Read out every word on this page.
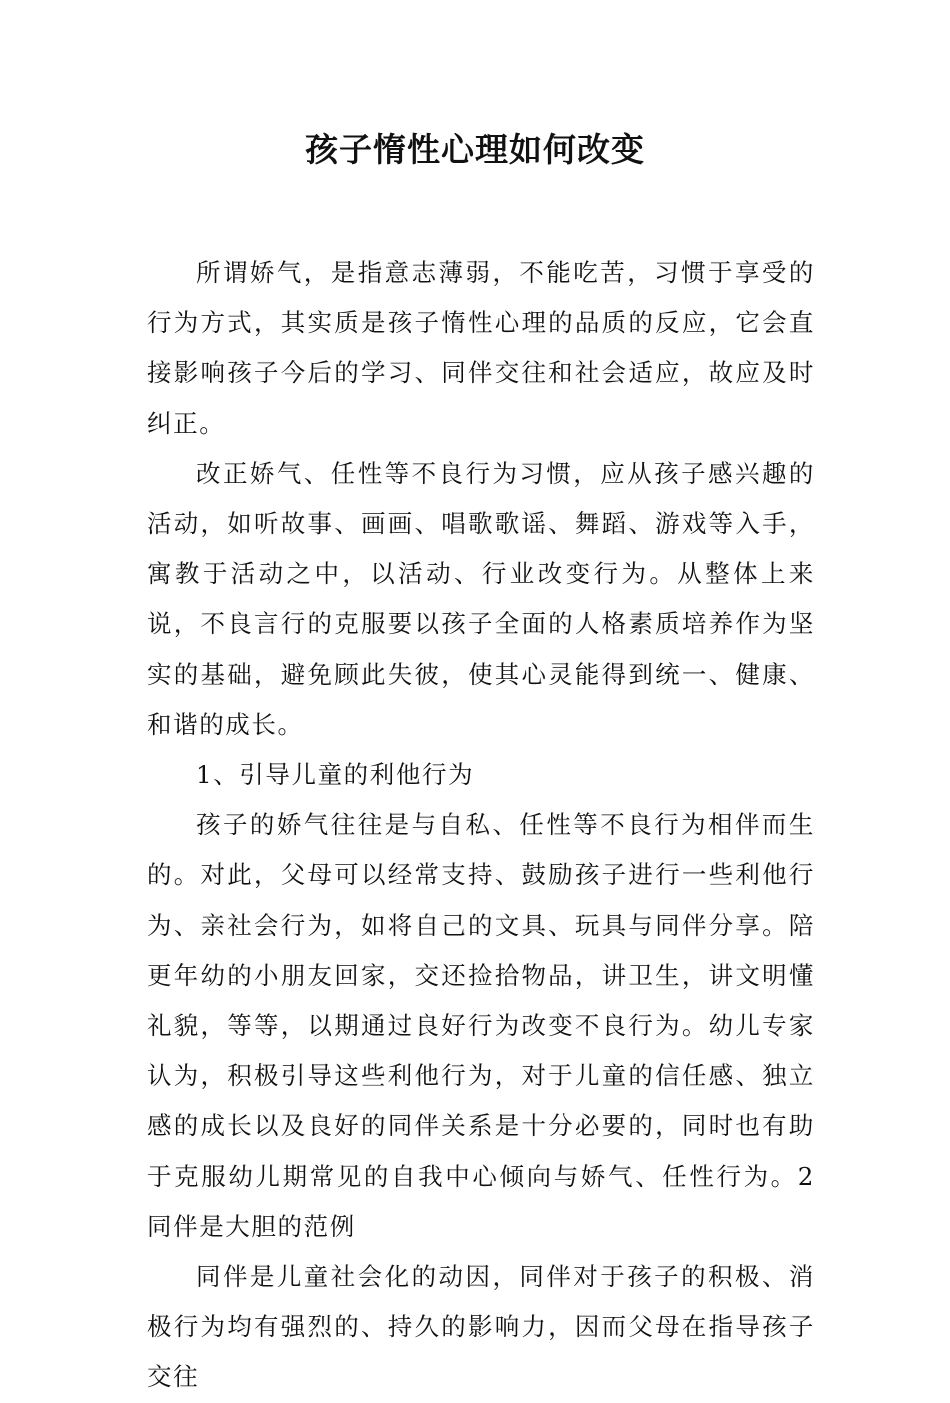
孩子惰性心理如何改变

所谓娇气，是指意志薄弱，不能吃苦，习惯于享受的行为方式，其实质是孩子惰性心理的品质的反应，它会直接影响孩子今后的学习、同伴交往和社会适应，故应及时纠正。

改正娇气、任性等不良行为习惯，应从孩子感兴趣的活动，如听故事、画画、唱歌歌谣、舞蹈、游戏等入手，寓教于活动之中，以活动、行业改变行为。从整体上来说，不良言行的克服要以孩子全面的人格素质培养作为坚实的基础，避免顾此失彼，使其心灵能得到统一、健康、和谐的成长。

1、引导儿童的利他行为

孩子的娇气往往是与自私、任性等不良行为相伴而生的。对此，父母可以经常支持、鼓励孩子进行一些利他行为、亲社会行为，如将自己的文具、玩具与同伴分享。陪更年幼的小朋友回家，交还捡拾物品，讲卫生，讲文明懂礼貌，等等，以期通过良好行为改变不良行为。幼儿专家认为，积极引导这些利他行为，对于儿童的信任感、独立感的成长以及良好的同伴关系是十分必要的，同时也有助于克服幼儿期常见的自我中心倾向与娇气、任性行为。2同伴是大胆的范例

同伴是儿童社会化的动因，同伴对于孩子的积极、消极行为均有强烈的、持久的影响力，因而父母在指导孩子交往
